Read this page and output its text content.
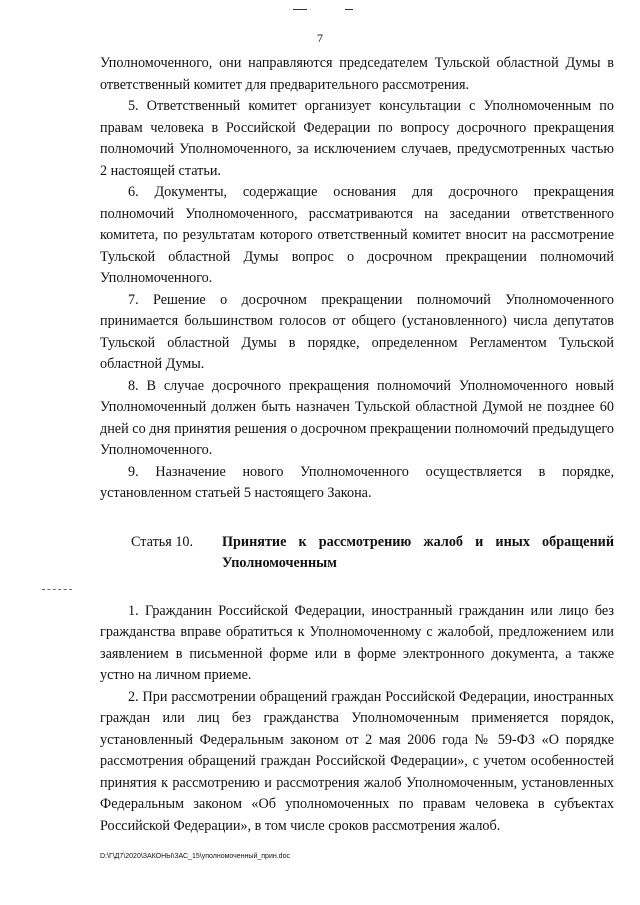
7

Уполномоченного, они направляются председателем Тульской областной Думы в ответственный комитет для предварительного рассмотрения.

5. Ответственный комитет организует консультации с Уполномоченным по правам человека в Российской Федерации по вопросу досрочного прекращения полномочий Уполномоченного, за исключением случаев, предусмотренных частью 2 настоящей статьи.

6. Документы, содержащие основания для досрочного прекращения полномочий Уполномоченного, рассматриваются на заседании ответственного комитета, по результатам которого ответственный комитет вносит на рассмотрение Тульской областной Думы вопрос о досрочном прекращении полномочий Уполномоченного.

7. Решение о досрочном прекращении полномочий Уполномоченного принимается большинством голосов от общего (установленного) числа депутатов Тульской областной Думы в порядке, определенном Регламентом Тульской областной Думы.

8. В случае досрочного прекращения полномочий Уполномоченного новый Уполномоченный должен быть назначен Тульской областной Думой не позднее 60 дней со дня принятия решения о досрочном прекращении полномочий предыдущего Уполномоченного.

9. Назначение нового Уполномоченного осуществляется в порядке, установленном статьей 5 настоящего Закона.

Статья 10.	Принятие к рассмотрению жалоб и иных обращений Уполномоченным

1. Гражданин Российской Федерации, иностранный гражданин или лицо без гражданства вправе обратиться к Уполномоченному с жалобой, предложением или заявлением в письменной форме или в форме электронного документа, а также устно на личном приеме.

2. При рассмотрении обращений граждан Российской Федерации, иностранных граждан или лиц без гражданства Уполномоченным применяется порядок, установленный Федеральным законом от 2 мая 2006 года № 59-ФЗ «О порядке рассмотрения обращений граждан Российской Федерации», с учетом особенностей принятия к рассмотрению и рассмотрения жалоб Уполномоченным, установленных Федеральным законом «Об уполномоченных по правам человека в субъектах Российской Федерации», в том числе сроков рассмотрения жалоб.

D:\Г\Д7\2020\ЗАКОНЫ\ЗАС_15\уполномоченный_прин.doc
